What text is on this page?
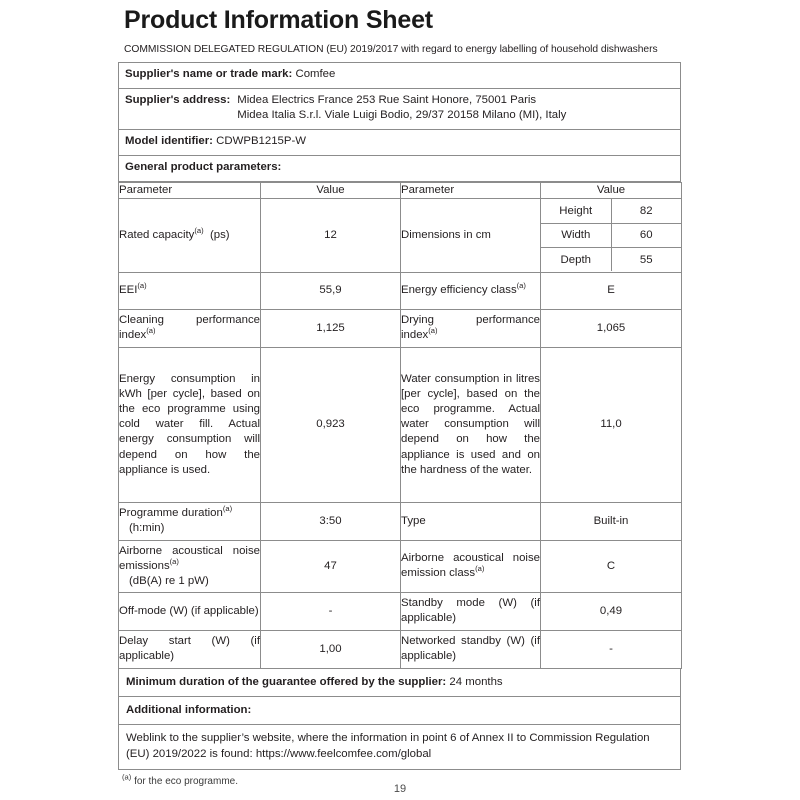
Product Information Sheet
COMMISSION DELEGATED REGULATION (EU) 2019/2017 with regard to energy labelling of household dishwashers
Supplier's name or trade mark: Comfee
Supplier's address: Midea Electrics France 253 Rue Saint Honore, 75001 Paris
Midea Italia S.r.l. Viale Luigi Bodio, 29/37 20158 Milano (MI), Italy
Model identifier: CDWPB1215P-W
General product parameters:
Parameter	Value	Parameter	Value
Rated capacity$^{(a)}$ (ps)	12	Dimensions in cm	
Height	82
Width	60
Depth	55

EEI$^{(a)}$	55,9	Energy efficiency class$^{(a)}$	E
Cleaning performance index$^{(a)}$	1,125	Drying performance index$^{(a)}$	1,065
Energy consumption in kWh [per cycle], based on the eco programme using cold water fill. Actual energy consumption will depend on how the appliance is used.	0,923	Water consumption in litres [per cycle], based on the eco programme. Actual water consumption will depend on how the appliance is used and on the hardness of the water.	11,0
Programme duration$^{(a)}$
(h:min)	3:50	Type	Built-in
Airborne acoustical noise emissions$^{(a)}$
(dB(A) re 1 pW)	47	Airborne acoustical noise emission class$^{(a)}$	C
Off-mode (W) (if applicable)	-	Standby mode (W) (if applicable)	0,49
Delay start (W) (if applicable)	1,00	Networked standby (W) (if applicable)	-
Minimum duration of the guarantee offered by the supplier: 24 months
Additional information:
Weblink to the supplier’s website, where the information in point 6 of Annex II to Commission Regulation (EU) 2019/2022 is found: https://www.feelcomfee.com/global
$^{(a)}$ for the eco programme.
19
